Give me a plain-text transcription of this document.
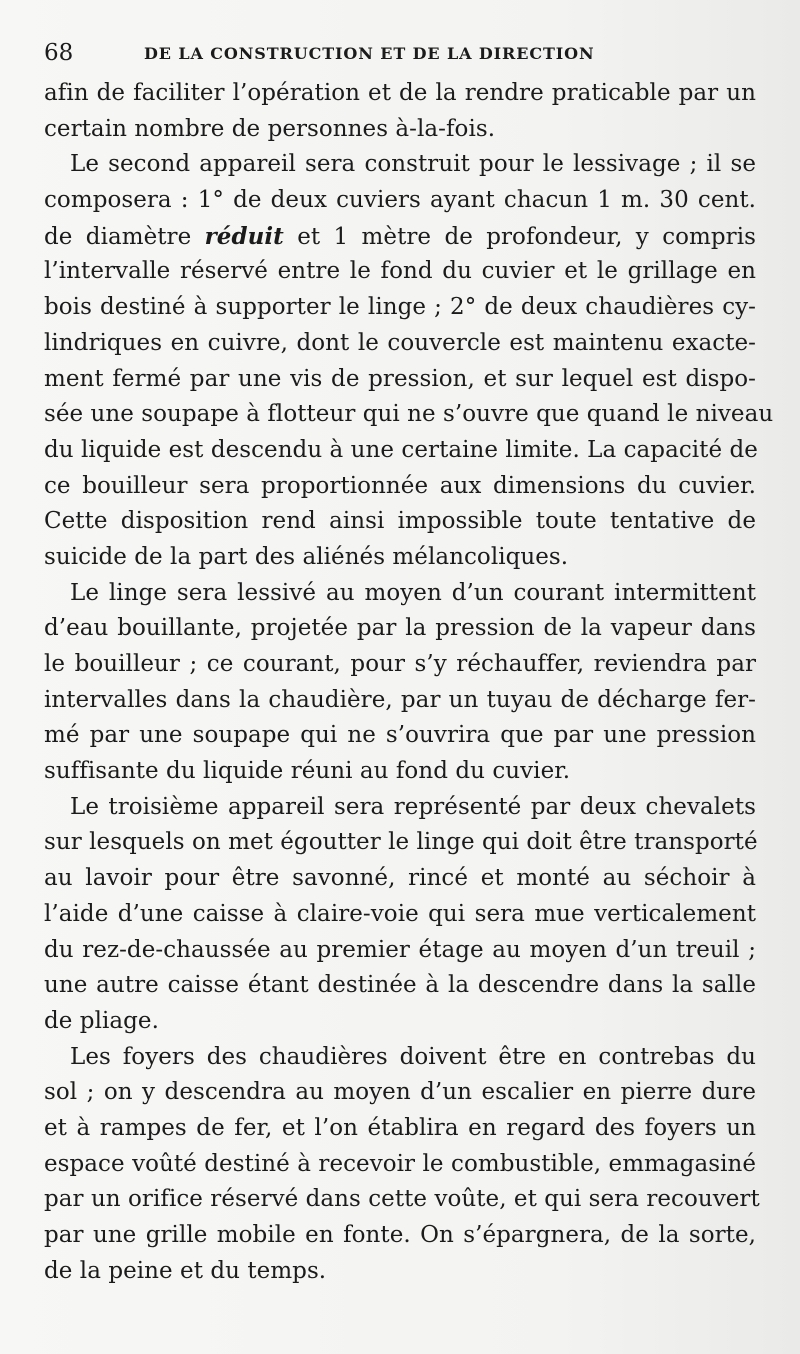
68	DE LA CONSTRUCTION ET DE LA DIRECTION
afin de faciliter l’opération et de la rendre praticable par un
certain nombre de personnes à-la-fois.
Le second appareil sera construit pour le lessivage ; il se
composera : 1° de deux cuviers ayant chacun 1 m. 30 cent.
de diamètre réduit et 1 mètre de profondeur, y compris
l’intervalle réservé entre le fond du cuvier et le grillage en
bois destiné à supporter le linge ; 2° de deux chaudières cy-
lindriques en cuivre, dont le couvercle est maintenu exacte-
ment fermé par une vis de pression, et sur lequel est dispo-
sée une soupape à flotteur qui ne s’ouvre que quand le niveau
du liquide est descendu à une certaine limite. La capacité de
ce bouilleur sera proportionnée aux dimensions du cuvier.
Cette disposition rend ainsi impossible toute tentative de
suicide de la part des aliénés mélancoliques.
Le linge sera lessivé au moyen d’un courant intermittent
d’eau bouillante, projetée par la pression de la vapeur dans
le bouilleur ; ce courant, pour s’y réchauffer, reviendra par
intervalles dans la chaudière, par un tuyau de décharge fer-
mé par une soupape qui ne s’ouvrira que par une pression
suffisante du liquide réuni au fond du cuvier.
Le troisième appareil sera représenté par deux chevalets
sur lesquels on met égoutter le linge qui doit être transporté
au lavoir pour être savonné, rincé et monté au séchoir à
l’aide d’une caisse à claire-voie qui sera mue verticalement
du rez-de-chaussée au premier étage au moyen d’un treuil ;
une autre caisse étant destinée à la descendre dans la salle
de pliage.
Les foyers des chaudières doivent être en contrebas du
sol ; on y descendra au moyen d’un escalier en pierre dure
et à rampes de fer, et l’on établira en regard des foyers un
espace voûté destiné à recevoir le combustible, emmagasiné
par un orifice réservé dans cette voûte, et qui sera recouvert
par une grille mobile en fonte. On s’épargnera, de la sorte,
de la peine et du temps.
